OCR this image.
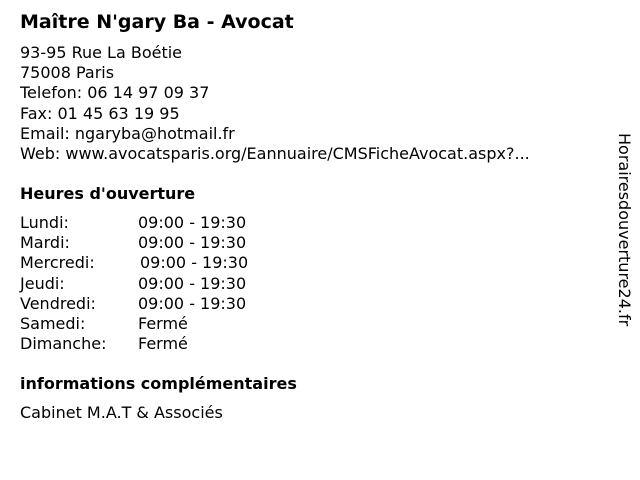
Maître N'gary Ba - Avocat
93-95 Rue La Boétie
75008 Paris
Telefon: 06 14 97 09 37
Fax: 01 45 63 19 95
Email: ngaryba@hotmail.fr
Web: www.avocatsparis.org/Eannuaire/CMSFicheAvocat.aspx?...
Heures d'ouverture
Lundi:	09:00 - 19:30
Mardi:	09:00 - 19:30
Mercredi:	09:00 - 19:30
Jeudi:	09:00 - 19:30
Vendredi:	09:00 - 19:30
Samedi:	Fermé
Dimanche: Fermé
informations complémentaires
Cabinet M.A.T & Associés
Horairesdouverture24.fr
